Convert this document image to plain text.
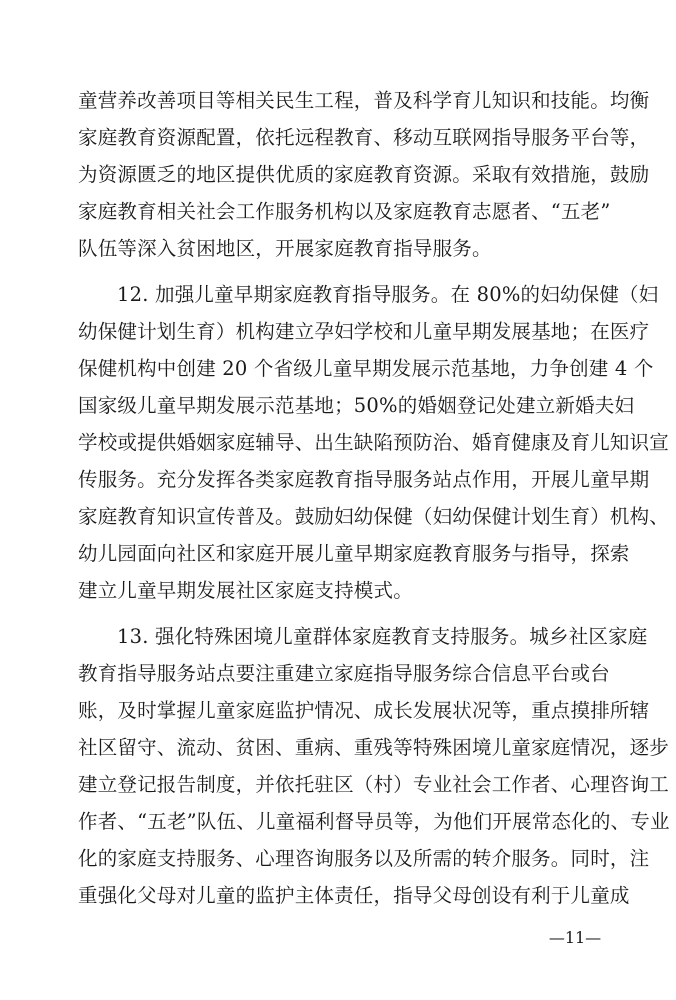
童营养改善项目等相关民生工程，普及科学育儿知识和技能。均衡
家庭教育资源配置，依托远程教育、移动互联网指导服务平台等，
为资源匮乏的地区提供优质的家庭教育资源。采取有效措施，鼓励
家庭教育相关社会工作服务机构以及家庭教育志愿者、“五老”
队伍等深入贫困地区，开展家庭教育指导服务。
12. 加强儿童早期家庭教育指导服务。在 80%的妇幼保健（妇
幼保健计划生育）机构建立孕妇学校和儿童早期发展基地；在医疗
保健机构中创建 20 个省级儿童早期发展示范基地，力争创建 4 个
国家级儿童早期发展示范基地；50%的婚姻登记处建立新婚夫妇
学校或提供婚姻家庭辅导、出生缺陷预防治、婚育健康及育儿知识宣
传服务。充分发挥各类家庭教育指导服务站点作用，开展儿童早期
家庭教育知识宣传普及。鼓励妇幼保健（妇幼保健计划生育）机构、
幼儿园面向社区和家庭开展儿童早期家庭教育服务与指导，探索
建立儿童早期发展社区家庭支持模式。
13. 强化特殊困境儿童群体家庭教育支持服务。城乡社区家庭
教育指导服务站点要注重建立家庭指导服务综合信息平台或台
账，及时掌握儿童家庭监护情况、成长发展状况等，重点摸排所辖
社区留守、流动、贫困、重病、重残等特殊困境儿童家庭情况，逐步
建立登记报告制度，并依托驻区（村）专业社会工作者、心理咨询工
作者、“五老”队伍、儿童福利督导员等，为他们开展常态化的、专业
化的家庭支持服务、心理咨询服务以及所需的转介服务。同时，注
重强化父母对儿童的监护主体责任，指导父母创设有利于儿童成
—11—
